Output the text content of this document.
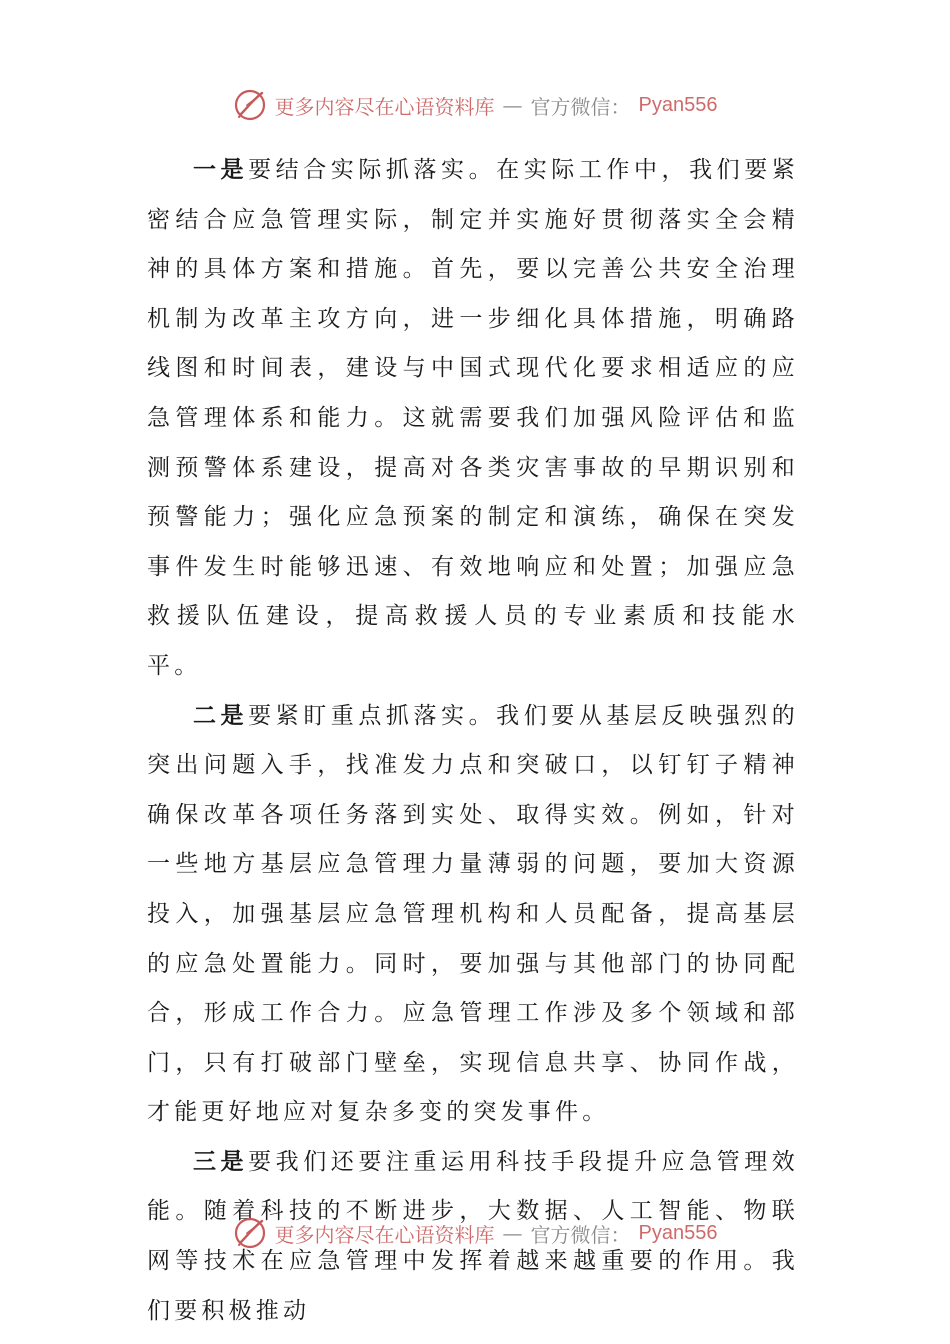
更多内容尽在心语资料库 — 官方微信： Pyan556

一是要结合实际抓落实。在实际工作中，我们要紧密结合应急管理实际，制定并实施好贯彻落实全会精神的具体方案和措施。首先，要以完善公共安全治理机制为改革主攻方向，进一步细化具体措施，明确路线图和时间表，建设与中国式现代化要求相适应的应急管理体系和能力。这就需要我们加强风险评估和监测预警体系建设，提高对各类灾害事故的早期识别和预警能力；强化应急预案的制定和演练，确保在突发事件发生时能够迅速、有效地响应和处置；加强应急救援队伍建设，提高救援人员的专业素质和技能水平。

二是要紧盯重点抓落实。我们要从基层反映强烈的突出问题入手，找准发力点和突破口，以钉钉子精神确保改革各项任务落到实处、取得实效。例如，针对一些地方基层应急管理力量薄弱的问题，要加大资源投入，加强基层应急管理机构和人员配备，提高基层的应急处置能力。同时，要加强与其他部门的协同配合，形成工作合力。应急管理工作涉及多个领域和部门，只有打破部门壁垒，实现信息共享、协同作战，才能更好地应对复杂多变的突发事件。

三是要我们还要注重运用科技手段提升应急管理效能。随着科技的不断进步，大数据、人工智能、物联网等技术在应急管理中发挥着越来越重要的作用。我们要积极推动

更多内容尽在心语资料库 — 官方微信： Pyan556
